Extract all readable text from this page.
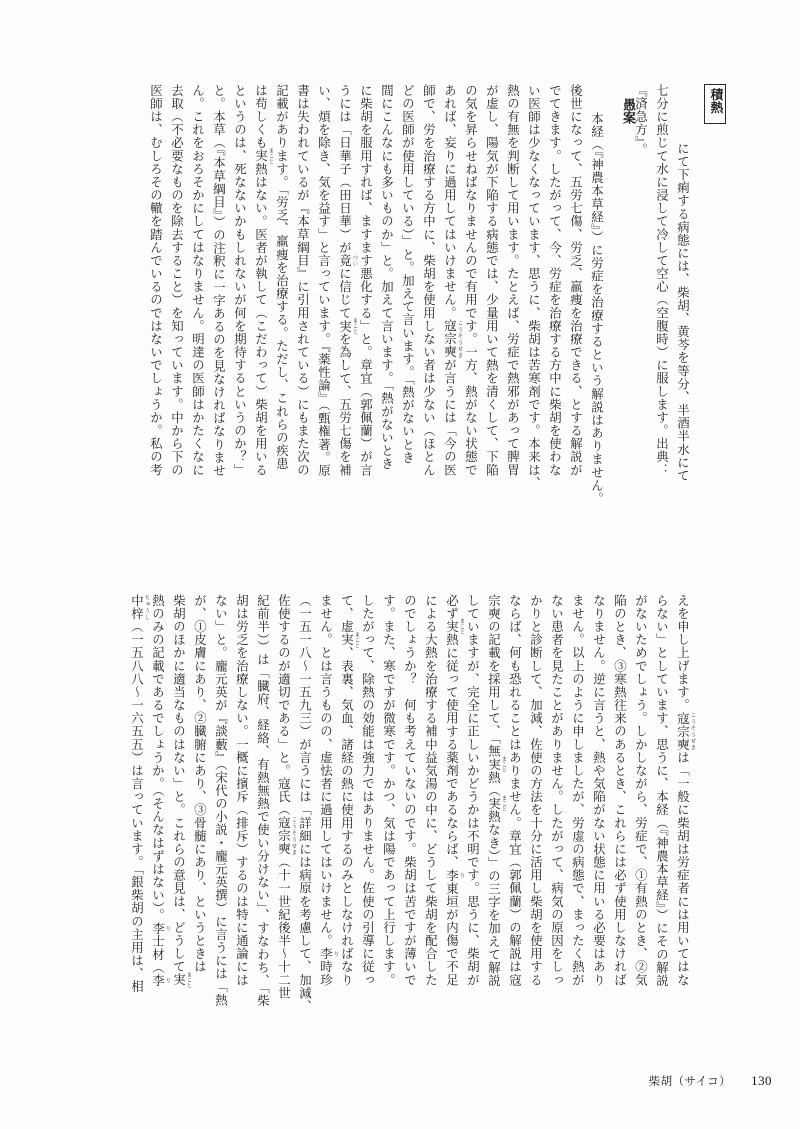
積熱
愚案
にて下痢する病態には、柴胡、黄芩を等分、半酒半水にて
七分に煎じて水に浸して冷して空心（空腹時）に服します。出典：
『済急方』。
本経（『神農本草経』）に労症を治療するという解説はありません。
後世になって、五労七傷、労乏、羸痩を治療できる、とする解説が
でてきます。したがって、今、労症を治療する方中に柴胡を使わな
い医師は少なくなっています、思うに、柴胡は苦寒剤です。本来は、
熱の有無を判断して用います。たとえば、労症で熱邪があって脾胃
が虚し、陽気が下陥する病態では、少量用いて熱を清くして、下陥
の気を昇らせねばなりませんので有用です。一方、熱がない状態で
あれば、妄りに過用してはいけません。寇宗奭 こうそうせきが言うには「今の医
師で、労を治療する方中に、柴胡を使用しない者は少ない（ほとん
どの医師が使用している）」と。加えて言います。「熱がないとき
間にこんなにも多いものか」と。加えて言います。「熱がないとき
に柴胡を服用すれば、ますます悪化する」と。章宜（郭佩蘭）が言
うには「日華子（田日華）が竟 ついに信じて実 まことを為して、五労七傷を補
い、煩を除き、気を益す」と言っています。『薬性論』（甄権著。原
書は失われているが『本草綱目』に引用されている）にもまた次の
記載があります。「労乏、羸痩を治療する。ただし、これらの疾患
は苟しくも実 まこと熱はない。医者が執して（こだわって）柴胡を用いる
というのは、死なないかもしれないが何を期待するというのか？」
と。本草（『本草綱目』）の注釈に一字あるのを見なければなりませ
ん。これをおろそかにしてはなりません。明達の医師はかたくなに
去取（不必要なものを除去すること）を知っています。中から下の
医師は、むしろその轍を踏んでいるのではないでしょうか。私の考
えを申し上げます。寇宗奭 こうそうせきは「一般に柴胡は労症者には用いてはな
らない」としています、思うに、本経（『神農本草経』）にその解説
がないためでしょう。しかしながら、労症で、①有熱のとき、②気
陥のとき、③寒熱往来のあるとき、これらには必ず使用しなければ
なりません。逆に言うと、熱や気陥がない状態に用いる必要はあり
ません。以上のように申しましたが、労虚の病態で、まったく熱が
ない患者を見たことがありません。したがって、病気の原因をしっ
かりと診断して、加減、佐使の方法を十分に活用し柴胡を使用する
ならば、何も恐れることはありません。章宜（郭佩蘭）の解説は寇
宗奭の記載を採用して、「無実 まこと熱（実 まこと熱なき）」の三字を加えて解説
していますが、完全に正しいかどうかは不明です。思うに、柴胡が
必ず実 まこと熱に従って使用する薬剤であるならば、李 り東垣が内傷で不足
による大熱を治療する補中益気湯の中に、どうして柴胡を配合した
のでしょうか？　何も考えていないのです。柴胡は苦ですが薄いで
す。また、寒ですが微寒です。かつ、気は陽であって上行します。
したがって、除熱の効能は強力ではありません。佐使の引導に従っ
て、虚実 まこと、表裏、気血、諸経の熱に使用するのみとしなければなり
ません。とは言うものの、虚怯者に過用してはいけません。李 り時珍
（一五一八〜一五九三）が言うには「詳細には病原を考慮して、加減、
佐使するのが適切である」と。寇氏（寇宗奭 こうそうせき（十一世紀後半〜十二世
紀前半））は「臓府、経絡、有熱無熱で使い分けない」、すなわち、「柴
胡は労乏を治療しない。一概に擯斥（排斥）するのは特に通論には
ない」と。龐元英が『談藪』（宋代の小説・龐元英撰）に言うには「熱
が、①皮膚にあり、②臓腑にあり、③骨髄にあり、というときは
柴胡のほかに適当なものはない」と。これらの意見は、どうして実 まこと
熱のみの記載であるでしょうか。（そんなはずはない）。李 り士材（李 り
中梓 ちゅうし（一五八八〜一六五五）は言っています。「銀柴胡の主用は、相
柴胡（サイコ） 130
